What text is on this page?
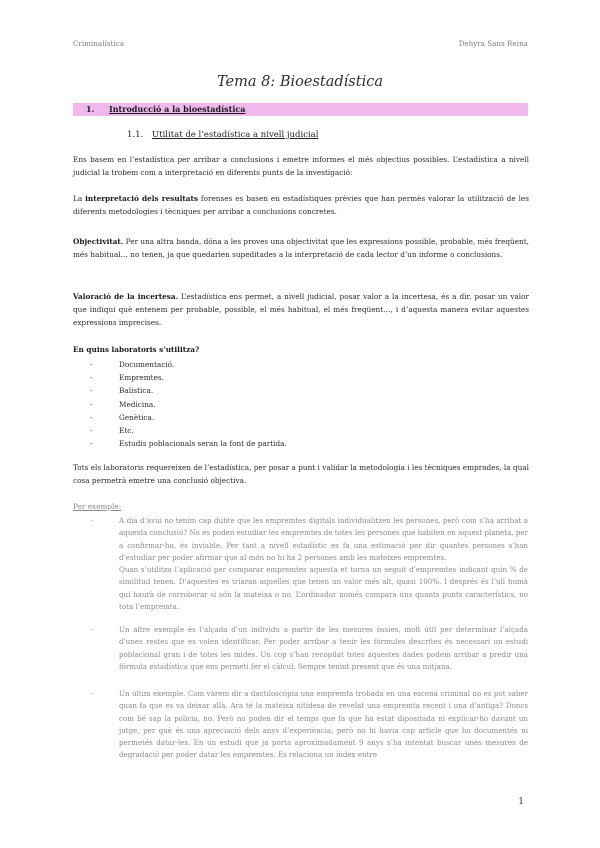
Criminalística	Dehyra Sans Reina
Tema 8: Bioestadística
1. Introducció a la bioestadística
1.1. Utilitat de l’estadística a nivell judicial
Ens basem en l’estadística per arribar a conclusions i emetre informes el més objectius possibles. L’estadística a nivell judicial la trobem com a interpretació en diferents punts de la investigació:
La interpretació dels resultats forenses es basen en estadístiques prèvies que han permès valorar la utilització de les diferents metodologies i tècniques per arribar a conclusions concretes.
Objectivitat. Per una altra banda, dóna a les proves una objectivitat que les expressions possible, probable, més freqüent, més habitual… no tenen, ja que quedarien supeditades a la interpretació de cada lector d’un informe o conclusions.
Valoració de la incertesa. L’estadística ens permet, a nivell judicial, posar valor a la incertesa, és a dir, posar un valor que indiqui què entenem per probable, possible, el més habitual, el més freqüent…, i d’aquesta manera evitar aquestes expressions imprecises.
En quins laboratoris s’utilitza?
-	Documentació.
-	Empremtes.
-	Balística.
-	Medicina.
-	Genètica.
-	Etc.
-	Estudis poblacionals seran la font de partida.
Tots els laboratoris requereixen de l’estadística, per posar a punt i validar la metodologia i les tècniques emprades, la qual cosa permetrà emetre una conclusió objectiva.
Per exemple:
-	A dia d’avui no tenim cap dubte que les empremtes digitals individualitzen les persones, però com s’ha arribat a aquesta conclusió? No es poden estudiar les empremtes de totes les persones que habiten en aquest planeta, per a confirmar-ho, és inviable. Per tant a nivell estadístic es fa una estimació per dir quantes persones s’han d’estudiar per poder afirmar que al món no hi ha 2 persones amb les mateixes empremtes.

Quan s’utilitza l’aplicació per comparar empremtes aquesta et torna un seguit d’empremtes indicant quin % de similitud tenen. D’aquestes es triaran aquelles que tenen un valor més alt, quasi 100%. I després és l’ull humà qui haurà de corroborar si són la mateixa o no. L’ordinador només compara uns quants punts característics, no tota l’empremta.

-	Un altre exemple és l’alçada d’un individu a partir de les mesures òssies, molt útil per determinar l’alçada d’unes restes que es volen identificar. Per poder arribar a tenir les fórmules descrites és necessari un estudi poblacional gran i de totes les mides. Un cop s’han recopilat totes aquestes dades podem arribar a predir una fórmula estadística que ens permeti fer el càlcul. Sempre tenint present que és una mitjana.

-	Un últim exemple. Com vàrem dir a dactiloscòpia una empremta trobada en una escena criminal no es pot saber quan fa que es va deixar allà. Ara té la mateixa nitidesa de revelat una empremta recent i una d’antiga? Doncs com bé sap la policia, no. Però no poden dir el temps que fa que ha estat dipositada ni explicar-ho davant un jutge, per què és una apreciació dels anys d’experiència, però no hi havia cap article que ho documentés ni permetés datar-les. En un estudi que ja porta aproximadament 9 anys s’ha intentat buscar unes mesures de degradació per poder datar les empremtes. Es relaciona un índex entre

1
